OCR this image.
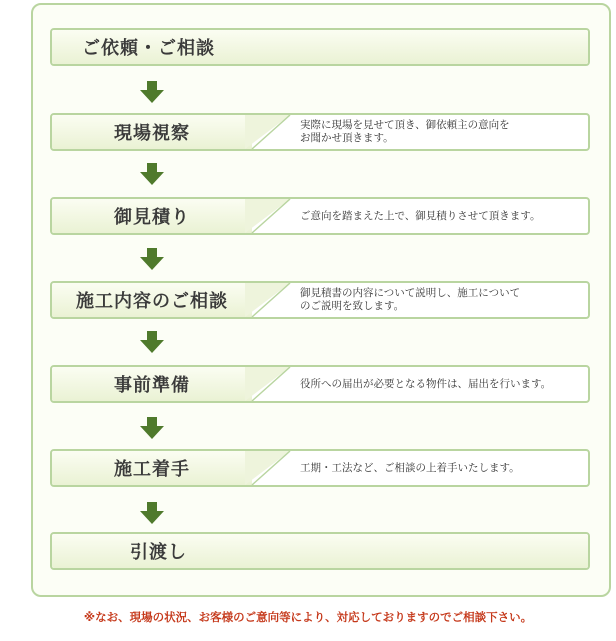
ご依頼・ご相談
現場視察	実際に現場を見せて頂き、御依頼主の意向を
お聞かせ頂きます。
御見積り	ご意向を踏まえた上で、御見積りさせて頂きます。
施工内容のご相談	御見積書の内容について説明し、施工について
のご説明を致します。
事前準備	役所への届出が必要となる物件は、届出を行います。
施工着手	工期・工法など、ご相談の上着手いたします。
引渡し
※なお、現場の状況、お客様のご意向等により、対応しておりますのでご相談下さい。
